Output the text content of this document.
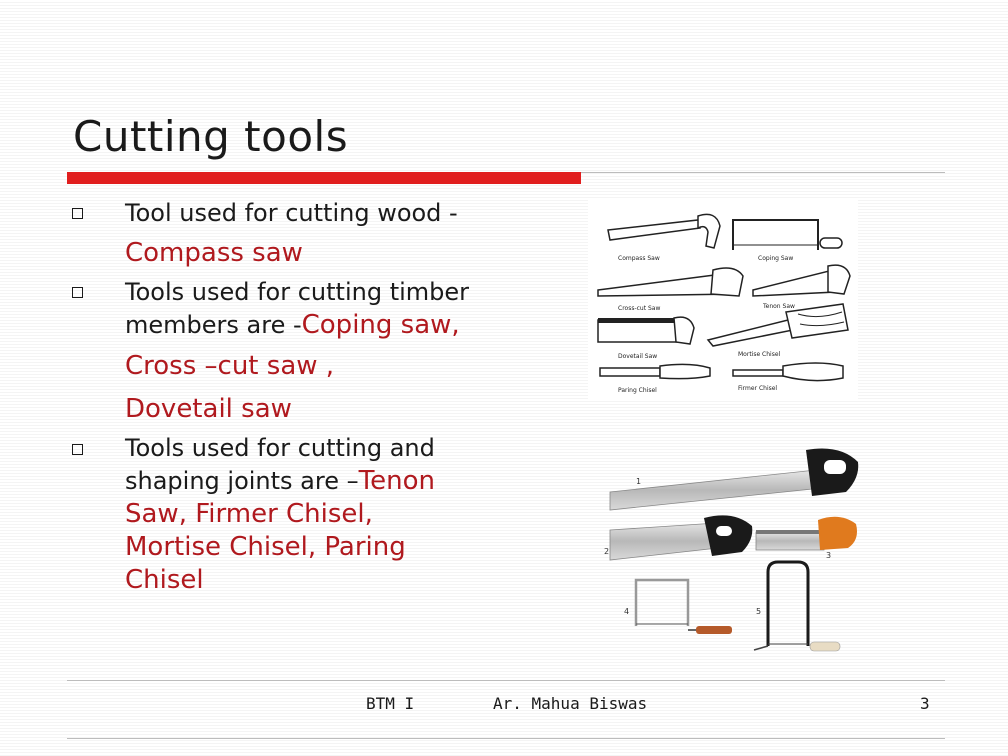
Cutting tools
Tool used for cutting wood -
Compass saw
Tools used for cutting timber
members are -Coping saw,
Cross –cut saw ,
Dovetail saw
Tools used for cutting and
shaping joints are –Tenon
Saw, Firmer Chisel,
Mortise Chisel, Paring
Chisel
Compass Saw	Coping Saw
Cross-cut Saw	Tenon Saw
Dovetail Saw	Mortise Chisel
Paring Chisel	Firmer Chisel
1
2	3
4	5
BTM I	Ar. Mahua Biswas	3
